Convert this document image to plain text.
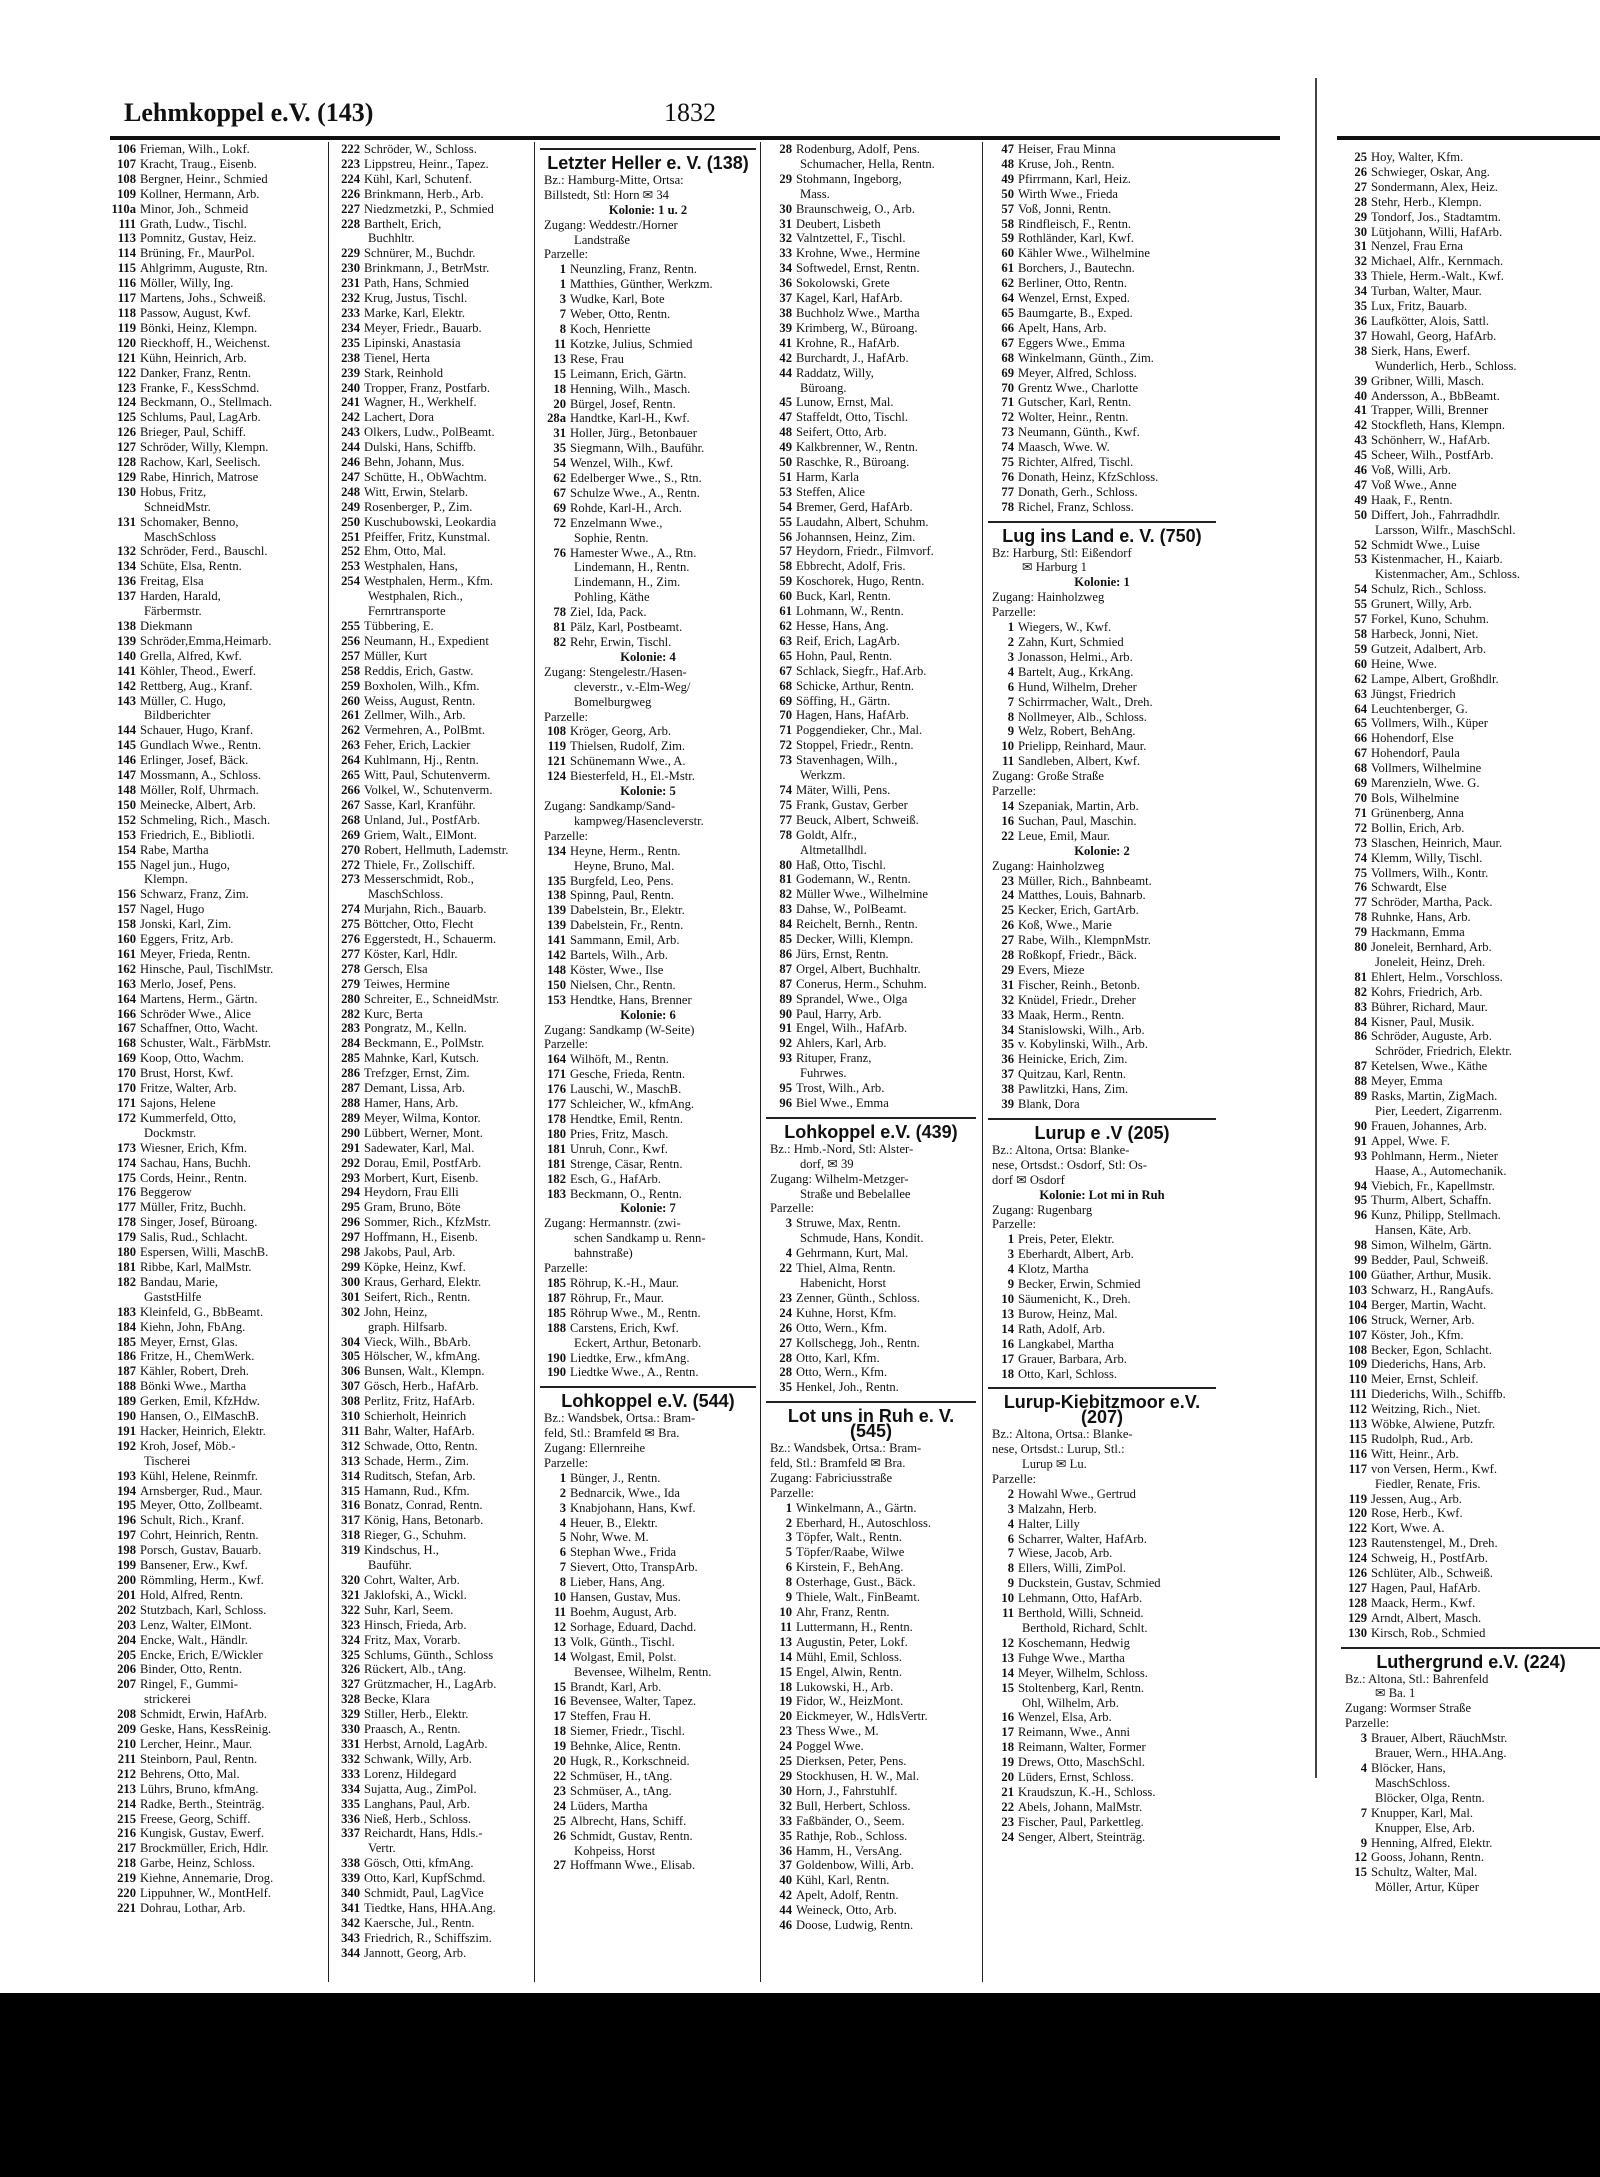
Lehmkoppel e.V. (143)	1832
106 Frieman, Wilh., Lokf.
107 Kracht, Traug., Eisenb.
108 Bergner, Heinr., Schmied
109 Kollner, Hermann, Arb.
110a Minor, Joh., Schmeid
111 Grath, Ludw., Tischl.
113 Pomnitz, Gustav, Heiz.
114 Brüning, Fr., MaurPol.
115 Ahlgrimm, Auguste, Rtn.
116 Möller, Willy, Ing.
117 Martens, Johs., Schweiß.
118 Passow, August, Kwf.
119 Bönki, Heinz, Klempn.
120 Rieckhoff, H., Weichenst.
121 Kühn, Heinrich, Arb.
122 Danker, Franz, Rentn.
123 Franke, F., KessSchmd.
124 Beckmann, O., Stellmach.
125 Schlums, Paul, LagArb.
126 Brieger, Paul, Schiff.
127 Schröder, Willy, Klempn.
128 Rachow, Karl, Seelisch.
129 Rabe, Hinrich, Matrose
130 Hobus, Fritz,
SchneidMstr.
131 Schomaker, Benno,
MaschSchloss
132 Schröder, Ferd., Bauschl.
134 Schüte, Elsa, Rentn.
136 Freitag, Elsa
137 Harden, Harald,
Färbermstr.
138 Diekmann
139 Schröder,Emma,Heimarb.
140 Grella, Alfred, Kwf.
141 Köhler, Theod., Ewerf.
142 Rettberg, Aug., Kranf.
143 Müller, C. Hugo,
Bildberichter
144 Schauer, Hugo, Kranf.
145 Gundlach Wwe., Rentn.
146 Erlinger, Josef, Bäck.
147 Mossmann, A., Schloss.
148 Möller, Rolf, Uhrmach.
150 Meinecke, Albert, Arb.
152 Schmeling, Rich., Masch.
153 Friedrich, E., Bibliotli.
154 Rabe, Martha
155 Nagel jun., Hugo,
Klempn.
156 Schwarz, Franz, Zim.
157 Nagel, Hugo
158 Jonski, Karl, Zim.
160 Eggers, Fritz, Arb.
161 Meyer, Frieda, Rentn.
162 Hinsche, Paul, TischlMstr.
163 Merlo, Josef, Pens.
164 Martens, Herm., Gärtn.
166 Schröder Wwe., Alice
167 Schaffner, Otto, Wacht.
168 Schuster, Walt., FärbMstr.
169 Koop, Otto, Wachm.
170 Brust, Horst, Kwf.
170 Fritze, Walter, Arb.
171 Sajons, Helene
172 Kummerfeld, Otto,
Dockmstr.
173 Wiesner, Erich, Kfm.
174 Sachau, Hans, Buchh.
175 Cords, Heinr., Rentn.
176 Beggerow
177 Müller, Fritz, Buchh.
178 Singer, Josef, Büroang.
179 Salis, Rud., Schlacht.
180 Espersen, Willi, MaschB.
181 Ribbe, Karl, MalMstr.
182 Bandau, Marie,
GaststHilfe
183 Kleinfeld, G., BbBeamt.
184 Kiehn, John, FbAng.
185 Meyer, Ernst, Glas.
186 Fritze, H., ChemWerk.
187 Kähler, Robert, Dreh.
188 Bönki Wwe., Martha
189 Gerken, Emil, KfzHdw.
190 Hansen, O., ElMaschB.
191 Hacker, Heinrich, Elektr.
192 Kroh, Josef, Möb.-
Tischerei
193 Kühl, Helene, Reinmfr.
194 Arnsberger, Rud., Maur.
195 Meyer, Otto, Zollbeamt.
196 Schult, Rich., Kranf.
197 Cohrt, Heinrich, Rentn.
198 Porsch, Gustav, Bauarb.
199 Bansener, Erw., Kwf.
200 Römmling, Herm., Kwf.
201 Hold, Alfred, Rentn.
202 Stutzbach, Karl, Schloss.
203 Lenz, Walter, ElMont.
204 Encke, Walt., Händlr.
205 Encke, Erich, E/Wickler
206 Binder, Otto, Rentn.
207 Ringel, F., Gummi-
strickerei
208 Schmidt, Erwin, HafArb.
209 Geske, Hans, KessReinig.
210 Lercher, Heinr., Maur.
211 Steinborn, Paul, Rentn.
212 Behrens, Otto, Mal.
213 Lührs, Bruno, kfmAng.
214 Radke, Berth., Steinträg.
215 Freese, Georg, Schiff.
216 Kungisk, Gustav, Ewerf.
217 Brockmüller, Erich, Hdlr.
218 Garbe, Heinz, Schloss.
219 Kiehne, Annemarie, Drog.
220 Lippuhner, W., MontHelf.
221 Dohrau, Lothar, Arb.
222 Schröder, W., Schloss.
223 Lippstreu, Heinr., Tapez.
224 Kühl, Karl, Schutenf.
226 Brinkmann, Herb., Arb.
227 Niedzmetzki, P., Schmied
228 Barthelt, Erich,
Buchhltr.
229 Schnürer, M., Buchdr.
230 Brinkmann, J., BetrMstr.
231 Path, Hans, Schmied
232 Krug, Justus, Tischl.
233 Marke, Karl, Elektr.
234 Meyer, Friedr., Bauarb.
235 Lipinski, Anastasia
238 Tienel, Herta
239 Stark, Reinhold
240 Tropper, Franz, Postfarb.
241 Wagner, H., Werkhelf.
242 Lachert, Dora
243 Olkers, Ludw., PolBeamt.
244 Dulski, Hans, Schiffb.
246 Behn, Johann, Mus.
247 Schütte, H., ObWachtm.
248 Witt, Erwin, Stelarb.
249 Rosenberger, P., Zim.
250 Kuschubowski, Leokardia
251 Pfeiffer, Fritz, Kunstmal.
252 Ehm, Otto, Mal.
253 Westphalen, Hans,
254 Westphalen, Herm., Kfm.
Westphalen, Rich.,
Fernrtransporte
255 Tübbering, E.
256 Neumann, H., Expedient
257 Müller, Kurt
258 Reddis, Erich, Gastw.
259 Boxholen, Wilh., Kfm.
260 Weiss, August, Rentn.
261 Zellmer, Wilh., Arb.
262 Vermehren, A., PolBmt.
263 Feher, Erich, Lackier
264 Kuhlmann, Hj., Rentn.
265 Witt, Paul, Schutenverm.
266 Volkel, W., Schutenverm.
267 Sasse, Karl, Kranführ.
268 Unland, Jul., PostfArb.
269 Griem, Walt., ElMont.
270 Robert, Hellmuth, Lademstr.
272 Thiele, Fr., Zollschiff.
273 Messerschmidt, Rob.,
MaschSchloss.
274 Murjahn, Rich., Bauarb.
275 Böttcher, Otto, Flecht
276 Eggerstedt, H., Schauerm.
277 Köster, Karl, Hdlr.
278 Gersch, Elsa
279 Teiwes, Hermine
280 Schreiter, E., SchneidMstr.
282 Kurc, Berta
283 Pongratz, M., Kelln.
284 Beckmann, E., PolMstr.
285 Mahnke, Karl, Kutsch.
286 Trefzger, Ernst, Zim.
287 Demant, Lissa, Arb.
288 Hamer, Hans, Arb.
289 Meyer, Wilma, Kontor.
290 Lübbert, Werner, Mont.
291 Sadewater, Karl, Mal.
292 Dorau, Emil, PostfArb.
293 Morbert, Kurt, Eisenb.
294 Heydorn, Frau Elli
295 Gram, Bruno, Böte
296 Sommer, Rich., KfzMstr.
297 Hoffmann, H., Eisenb.
298 Jakobs, Paul, Arb.
299 Köpke, Heinz, Kwf.
300 Kraus, Gerhard, Elektr.
301 Seifert, Rich., Rentn.
302 John, Heinz,
graph. Hilfsarb.
304 Vieck, Wilh., BbArb.
305 Hölscher, W., kfmAng.
306 Bunsen, Walt., Klempn.
307 Gösch, Herb., HafArb.
308 Perlitz, Fritz, HafArb.
310 Schierholt, Heinrich
311 Bahr, Walter, HafArb.
312 Schwade, Otto, Rentn.
313 Schade, Herm., Zim.
314 Ruditsch, Stefan, Arb.
315 Hamann, Rud., Kfm.
316 Bonatz, Conrad, Rentn.
317 König, Hans, Betonarb.
318 Rieger, G., Schuhm.
319 Kindschus, H.,
Bauführ.
320 Cohrt, Walter, Arb.
321 Jaklofski, A., Wickl.
322 Suhr, Karl, Seem.
323 Hinsch, Frieda, Arb.
324 Fritz, Max, Vorarb.
325 Schlums, Günth., Schloss
326 Rückert, Alb., tAng.
327 Grützmacher, H., LagArb.
328 Becke, Klara
329 Stiller, Herb., Elektr.
330 Praasch, A., Rentn.
331 Herbst, Arnold, LagArb.
332 Schwank, Willy, Arb.
333 Lorenz, Hildegard
334 Sujatta, Aug., ZimPol.
335 Langhans, Paul, Arb.
336 Nieß, Herb., Schloss.
337 Reichardt, Hans, Hdls.-
Vertr.
338 Gösch, Otti, kfmAng.
339 Otto, Karl, KupfSchmd.
340 Schmidt, Paul, LagVice
341 Tiedtke, Hans, HHA.Ang.
342 Kaersche, Jul., Rentn.
343 Friedrich, R., Schiffszim.
344 Jannott, Georg, Arb.
Letzter Heller e. V. (138)
Bz.: Hamburg-Mitte, Ortsa:
Billstedt, Stl: Horn ✉ 34
Kolonie: 1 u. 2
Zugang: Weddestr./Horner
Landstraße
Parzelle:
1 Neunzling, Franz, Rentn.
1 Matthies, Günther, Werkzm.
3 Wudke, Karl, Bote
7 Weber, Otto, Rentn.
8 Koch, Henriette
11 Kotzke, Julius, Schmied
13 Rese, Frau
15 Leimann, Erich, Gärtn.
18 Henning, Wilh., Masch.
20 Bürgel, Josef, Rentn.
28a Handtke, Karl-H., Kwf.
31 Holler, Jürg., Betonbauer
35 Siegmann, Wilh., Bauführ.
54 Wenzel, Wilh., Kwf.
62 Edelberger Wwe., S., Rtn.
67 Schulze Wwe., A., Rentn.
69 Rohde, Karl-H., Arch.
72 Enzelmann Wwe.,
Sophie, Rentn.
76 Hamester Wwe., A., Rtn.
Lindemann, H., Rentn.
Lindemann, H., Zim.
Pohling, Käthe
78 Ziel, Ida, Pack.
81 Pälz, Karl, Postbeamt.
82 Rehr, Erwin, Tischl.
Kolonie: 4
Zugang: Stengelestr./Hasen-
cleverstr., v.-Elm-Weg/
Bomelburgweg
Parzelle:
108 Kröger, Georg, Arb.
119 Thielsen, Rudolf, Zim.
121 Schünemann Wwe., A.
124 Biesterfeld, H., El.-Mstr.
Kolonie: 5
Zugang: Sandkamp/Sand-
kampweg/Hasencleverstr.
Parzelle:
134 Heyne, Herm., Rentn.
Heyne, Bruno, Mal.
135 Burgfeld, Leo, Pens.
138 Spinng, Paul, Rentn.
139 Dabelstein, Br., Elektr.
139 Dabelstein, Fr., Rentn.
141 Sammann, Emil, Arb.
142 Bartels, Wilh., Arb.
148 Köster, Wwe., Ilse
150 Nielsen, Chr., Rentn.
153 Hendtke, Hans, Brenner
Kolonie: 6
Zugang: Sandkamp (W-Seite)
Parzelle:
164 Wilhöft, M., Rentn.
171 Gesche, Frieda, Rentn.
176 Lauschi, W., MaschB.
177 Schleicher, W., kfmAng.
178 Hendtke, Emil, Rentn.
180 Pries, Fritz, Masch.
181 Unruh, Conr., Kwf.
181 Strenge, Cäsar, Rentn.
182 Esch, G., HafArb.
183 Beckmann, O., Rentn.
Kolonie: 7
Zugang: Hermannstr. (zwi-
schen Sandkamp u. Renn-
bahnstraße)
Parzelle:
185 Röhrup, K.-H., Maur.
187 Röhrup, Fr., Maur.
185 Röhrup Wwe., M., Rentn.
188 Carstens, Erich, Kwf.
Eckert, Arthur, Betonarb.
190 Liedtke, Erw., kfmAng.
190 Liedtke Wwe., A., Rentn.
Lohkoppel e.V. (544)
Bz.: Wandsbek, Ortsa.: Bram-
feld, Stl.: Bramfeld ✉ Bra.
Zugang: Ellernreihe
Parzelle:
1 Bünger, J., Rentn.
2 Bednarcik, Wwe., Ida
3 Knabjohann, Hans, Kwf.
4 Heuer, B., Elektr.
5 Nohr, Wwe. M.
6 Stephan Wwe., Frida
7 Sievert, Otto, TranspArb.
8 Lieber, Hans, Ang.
10 Hansen, Gustav, Mus.
11 Boehm, August, Arb.
12 Sorhage, Eduard, Dachd.
13 Volk, Günth., Tischl.
14 Wolgast, Emil, Polst.
Bevensee, Wilhelm, Rentn.
15 Brandt, Karl, Arb.
16 Bevensee, Walter, Tapez.
17 Steffen, Frau H.
18 Siemer, Friedr., Tischl.
19 Behnke, Alice, Rentn.
20 Hugk, R., Korkschneid.
22 Schmüser, H., tAng.
23 Schmüser, A., tAng.
24 Lüders, Martha
25 Albrecht, Hans, Schiff.
26 Schmidt, Gustav, Rentn.
Kohpeiss, Horst
27 Hoffmann Wwe., Elisab.
28 Rodenburg, Adolf, Pens.
Schumacher, Hella, Rentn.
29 Stohmann, Ingeborg,
Mass.
30 Braunschweig, O., Arb.
31 Deubert, Lisbeth
32 Valntzettel, F., Tischl.
33 Krohne, Wwe., Hermine
34 Softwedel, Ernst, Rentn.
36 Sokolowski, Grete
37 Kagel, Karl, HafArb.
38 Buchholz Wwe., Martha
39 Krimberg, W., Büroang.
41 Krohne, R., HafArb.
42 Burchardt, J., HafArb.
44 Raddatz, Willy,
Büroang.
45 Lunow, Ernst, Mal.
47 Staffeldt, Otto, Tischl.
48 Seifert, Otto, Arb.
49 Kalkbrenner, W., Rentn.
50 Raschke, R., Büroang.
51 Harm, Karla
53 Steffen, Alice
54 Bremer, Gerd, HafArb.
55 Laudahn, Albert, Schuhm.
56 Johannsen, Heinz, Zim.
57 Heydorn, Friedr., Filmvorf.
58 Ebbrecht, Adolf, Fris.
59 Koschorek, Hugo, Rentn.
60 Buck, Karl, Rentn.
61 Lohmann, W., Rentn.
62 Hesse, Hans, Ang.
63 Reif, Erich, LagArb.
65 Hohn, Paul, Rentn.
67 Schlack, Siegfr., Haf.Arb.
68 Schicke, Arthur, Rentn.
69 Söffing, H., Gärtn.
70 Hagen, Hans, HafArb.
71 Poggendieker, Chr., Mal.
72 Stoppel, Friedr., Rentn.
73 Stavenhagen, Wilh.,
Werkzm.
74 Mäter, Willi, Pens.
75 Frank, Gustav, Gerber
77 Beuck, Albert, Schweiß.
78 Goldt, Alfr.,
Altmetallhdl.
80 Haß, Otto, Tischl.
81 Godemann, W., Rentn.
82 Müller Wwe., Wilhelmine
83 Dahse, W., PolBeamt.
84 Reichelt, Bernh., Rentn.
85 Decker, Willi, Klempn.
86 Jürs, Ernst, Rentn.
87 Orgel, Albert, Buchhaltr.
87 Conerus, Herm., Schuhm.
89 Sprandel, Wwe., Olga
90 Paul, Harry, Arb.
91 Engel, Wilh., HafArb.
92 Ahlers, Karl, Arb.
93 Rituper, Franz,
Fuhrwes.
95 Trost, Wilh., Arb.
96 Biel Wwe., Emma
Lohkoppel e.V. (439)
Bz.: Hmb.-Nord, Stl: Alster-
dorf, ✉ 39
Zugang: Wilhelm-Metzger-
Straße und Bebelallee
Parzelle:
3 Struwe, Max, Rentn.
Schmude, Hans, Kondit.
4 Gehrmann, Kurt, Mal.
22 Thiel, Alma, Rentn.
Habenicht, Horst
23 Zenner, Günth., Schloss.
24 Kuhne, Horst, Kfm.
26 Otto, Wern., Kfm.
27 Kollschegg, Joh., Rentn.
28 Otto, Karl, Kfm.
28 Otto, Wern., Kfm.
35 Henkel, Joh., Rentn.
Lot uns in Ruh e. V. (545)
Bz.: Wandsbek, Ortsa.: Bram-
feld, Stl.: Bramfeld ✉ Bra.
Zugang: Fabriciusstraße
Parzelle:
1 Winkelmann, A., Gärtn.
2 Eberhard, H., Autoschloss.
3 Töpfer, Walt., Rentn.
5 Töpfer/Raabe, Wilwe
6 Kirstein, F., BehAng.
8 Osterhage, Gust., Bäck.
9 Thiele, Walt., FinBeamt.
10 Ahr, Franz, Rentn.
11 Luttermann, H., Rentn.
13 Augustin, Peter, Lokf.
14 Mühl, Emil, Schloss.
15 Engel, Alwin, Rentn.
18 Lukowski, H., Arb.
19 Fidor, W., HeizMont.
20 Eickmeyer, W., HdlsVertr.
23 Thess Wwe., M.
24 Poggel Wwe.
25 Dierksen, Peter, Pens.
29 Stockhusen, H. W., Mal.
30 Horn, J., Fahrstuhlf.
32 Bull, Herbert, Schloss.
33 Faßbänder, O., Seem.
35 Rathje, Rob., Schloss.
36 Hamm, H., VersAng.
37 Goldenbow, Willi, Arb.
40 Kühl, Karl, Rentn.
42 Apelt, Adolf, Rentn.
44 Weineck, Otto, Arb.
46 Doose, Ludwig, Rentn.
47 Heiser, Frau Minna
48 Kruse, Joh., Rentn.
49 Pfirrmann, Karl, Heiz.
50 Wirth Wwe., Frieda
57 Voß, Jonni, Rentn.
58 Rindfleisch, F., Rentn.
59 Rothländer, Karl, Kwf.
60 Kähler Wwe., Wilhelmine
61 Borchers, J., Bautechn.
62 Berliner, Otto, Rentn.
64 Wenzel, Ernst, Exped.
65 Baumgarte, B., Exped.
66 Apelt, Hans, Arb.
67 Eggers Wwe., Emma
68 Winkelmann, Günth., Zim.
69 Meyer, Alfred, Schloss.
70 Grentz Wwe., Charlotte
71 Gutscher, Karl, Rentn.
72 Wolter, Heinr., Rentn.
73 Neumann, Günth., Kwf.
74 Maasch, Wwe. W.
75 Richter, Alfred, Tischl.
76 Donath, Heinz, KfzSchloss.
77 Donath, Gerh., Schloss.
78 Richel, Franz, Schloss.
Lug ins Land e. V. (750)
Bz: Harburg, Stl: Eißendorf
✉ Harburg 1
Kolonie: 1
Zugang: Hainholzweg
Parzelle:
1 Wiegers, W., Kwf.
2 Zahn, Kurt, Schmied
3 Jonasson, Helmi., Arb.
4 Bartelt, Aug., KrkAng.
6 Hund, Wilhelm, Dreher
7 Schirrmacher, Walt., Dreh.
8 Nollmeyer, Alb., Schloss.
9 Welz, Robert, BehAng.
10 Prielipp, Reinhard, Maur.
11 Sandleben, Albert, Kwf.
Zugang: Große Straße
Parzelle:
14 Szepaniak, Martin, Arb.
16 Suchan, Paul, Maschin.
22 Leue, Emil, Maur.
Kolonie: 2
Zugang: Hainholzweg
23 Müller, Rich., Bahnbeamt.
24 Matthes, Louis, Bahnarb.
25 Kecker, Erich, GartArb.
26 Koß, Wwe., Marie
27 Rabe, Wilh., KlempnMstr.
28 Roßkopf, Friedr., Bäck.
29 Evers, Mieze
31 Fischer, Reinh., Betonb.
32 Knüdel, Friedr., Dreher
33 Maak, Herm., Rentn.
34 Stanislowski, Wilh., Arb.
35 v. Kobylinski, Wilh., Arb.
36 Heinicke, Erich, Zim.
37 Quitzau, Karl, Rentn.
38 Pawlitzki, Hans, Zim.
39 Blank, Dora
Lurup e .V (205)
Bz.: Altona, Ortsa: Blanke-
nese, Ortsdst.: Osdorf, Stl: Os-
dorf ✉ Osdorf
Kolonie: Lot mi in Ruh
Zugang: Rugenbarg
Parzelle:
1 Preis, Peter, Elektr.
3 Eberhardt, Albert, Arb.
4 Klotz, Martha
9 Becker, Erwin, Schmied
10 Säumenicht, K., Dreh.
13 Burow, Heinz, Mal.
14 Rath, Adolf, Arb.
16 Langkabel, Martha
17 Grauer, Barbara, Arb.
18 Otto, Karl, Schloss.
Lurup-Kiebitzmoor e.V. (207)
Bz.: Altona, Ortsa.: Blanke-
nese, Ortsdst.: Lurup, Stl.:
Lurup ✉ Lu.
Parzelle:
2 Howahl Wwe., Gertrud
3 Malzahn, Herb.
4 Halter, Lilly
6 Scharrer, Walter, HafArb.
7 Wiese, Jacob, Arb.
8 Ellers, Willi, ZimPol.
9 Duckstein, Gustav, Schmied
10 Lehmann, Otto, HafArb.
11 Berthold, Willi, Schneid.
Berthold, Richard, Schlt.
12 Koschemann, Hedwig
13 Fuhge Wwe., Martha
14 Meyer, Wilhelm, Schloss.
15 Stoltenberg, Karl, Rentn.
Ohl, Wilhelm, Arb.
16 Wenzel, Elsa, Arb.
17 Reimann, Wwe., Anni
18 Reimann, Walter, Former
19 Drews, Otto, MaschSchl.
20 Lüders, Ernst, Schloss.
21 Kraudszun, K.-H., Schloss.
22 Abels, Johann, MalMstr.
23 Fischer, Paul, Parkettleg.
24 Senger, Albert, Steinträg.
25 Hoy, Walter, Kfm.
26 Schwieger, Oskar, Ang.
27 Sondermann, Alex, Heiz.
28 Stehr, Herb., Klempn.
29 Tondorf, Jos., Stadtamtm.
30 Lütjohann, Willi, HafArb.
31 Nenzel, Frau Erna
32 Michael, Alfr., Kernmach.
33 Thiele, Herm.-Walt., Kwf.
34 Turban, Walter, Maur.
35 Lux, Fritz, Bauarb.
36 Laufkötter, Alois, Sattl.
37 Howahl, Georg, HafArb.
38 Sierk, Hans, Ewerf.
Wunderlich, Herb., Schloss.
39 Gribner, Willi, Masch.
40 Andersson, A., BbBeamt.
41 Trapper, Willi, Brenner
42 Stockfleth, Hans, Klempn.
43 Schönherr, W., HafArb.
45 Scheer, Wilh., PostfArb.
46 Voß, Willi, Arb.
47 Voß Wwe., Anne
49 Haak, F., Rentn.
50 Differt, Joh., Fahrradhdlr.
Larsson, Wilfr., MaschSchl.
52 Schmidt Wwe., Luise
53 Kistenmacher, H., Kaiarb.
Kistenmacher, Am., Schloss.
54 Schulz, Rich., Schloss.
55 Grunert, Willy, Arb.
57 Forkel, Kuno, Schuhm.
58 Harbeck, Jonni, Niet.
59 Gutzeit, Adalbert, Arb.
60 Heine, Wwe.
62 Lampe, Albert, Großhdlr.
63 Jüngst, Friedrich
64 Leuchtenberger, G.
65 Vollmers, Wilh., Küper
66 Hohendorf, Else
67 Hohendorf, Paula
68 Vollmers, Wilhelmine
69 Marenzieln, Wwe. G.
70 Bols, Wilhelmine
71 Grünenberg, Anna
72 Bollin, Erich, Arb.
73 Slaschen, Heinrich, Maur.
74 Klemm, Willy, Tischl.
75 Vollmers, Wilh., Kontr.
76 Schwardt, Else
77 Schröder, Martha, Pack.
78 Ruhnke, Hans, Arb.
79 Hackmann, Emma
80 Joneleit, Bernhard, Arb.
Joneleit, Heinz, Dreh.
81 Ehlert, Helm., Vorschloss.
82 Kohrs, Friedrich, Arb.
83 Bührer, Richard, Maur.
84 Kisner, Paul, Musik.
86 Schröder, Auguste, Arb.
Schröder, Friedrich, Elektr.
87 Ketelsen, Wwe., Käthe
88 Meyer, Emma
89 Rasks, Martin, ZigMach.
Pier, Leedert, Zigarrenm.
90 Frauen, Johannes, Arb.
91 Appel, Wwe. F.
93 Pohlmann, Herm., Nieter
Haase, A., Automechanik.
94 Viebich, Fr., Kapellmstr.
95 Thurm, Albert, Schaffn.
96 Kunz, Philipp, Stellmach.
Hansen, Käte, Arb.
98 Simon, Wilhelm, Gärtn.
99 Bedder, Paul, Schweiß.
100 Güather, Arthur, Musik.
103 Schwarz, H., RangAufs.
104 Berger, Martin, Wacht.
106 Struck, Werner, Arb.
107 Köster, Joh., Kfm.
108 Becker, Egon, Schlacht.
109 Diederichs, Hans, Arb.
110 Meier, Ernst, Schleif.
111 Diederichs, Wilh., Schiffb.
112 Weitzing, Rich., Niet.
113 Wöbke, Alwiene, Putzfr.
115 Rudolph, Rud., Arb.
116 Witt, Heinr., Arb.
117 von Versen, Herm., Kwf.
Fiedler, Renate, Fris.
119 Jessen, Aug., Arb.
120 Rose, Herb., Kwf.
122 Kort, Wwe. A.
123 Rautenstengel, M., Dreh.
124 Schweig, H., PostfArb.
126 Schlüter, Alb., Schweiß.
127 Hagen, Paul, HafArb.
128 Maack, Herm., Kwf.
129 Arndt, Albert, Masch.
130 Kirsch, Rob., Schmied
Luthergrund e.V. (224)
Bz.: Altona, Stl.: Bahrenfeld
✉ Ba. 1
Zugang: Wormser Straße
Parzelle:
3 Brauer, Albert, RäuchMstr.
Brauer, Wern., HHA.Ang.
4 Blöcker, Hans,
MaschSchloss.
Blöcker, Olga, Rentn.
7 Knupper, Karl, Mal.
Knupper, Else, Arb.
9 Henning, Alfred, Elektr.
12 Gooss, Johann, Rentn.
15 Schultz, Walter, Mal.
Möller, Artur, Küper
